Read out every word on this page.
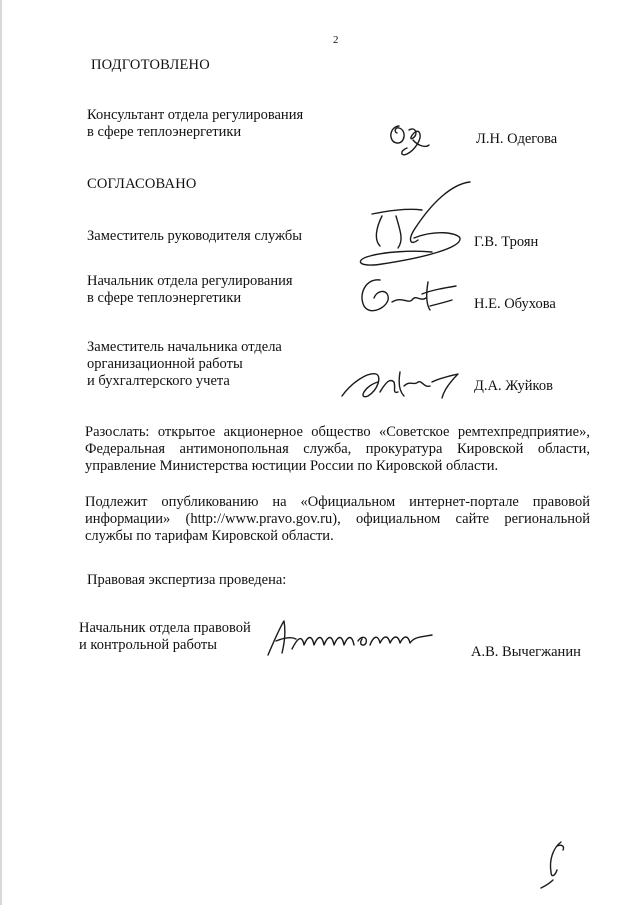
2
ПОДГОТОВЛЕНО
Консультант отдела регулирования
в сфере теплоэнергетики	Л.Н. Одегова
СОГЛАСОВАНО
Заместитель руководителя службы	Г.В. Троян
Начальник отдела регулирования
в сфере теплоэнергетики	Н.Е. Обухова
Заместитель начальника отдела
организационной работы
и бухгалтерского учета	Д.А. Жуйков
Разослать: открытое акционерное общество «Советское ремтехпредприятие», Федеральная антимонопольная служба, прокуратура Кировской области, управление Министерства юстиции России по Кировской области.
Подлежит опубликованию на «Официальном интернет-портале правовой информации» (http://www.pravo.gov.ru), официальном сайте региональной службы по тарифам Кировской области.
Правовая экспертиза проведена:
Начальник отдела правовой
и контрольной работы	А.В. Вычегжанин
